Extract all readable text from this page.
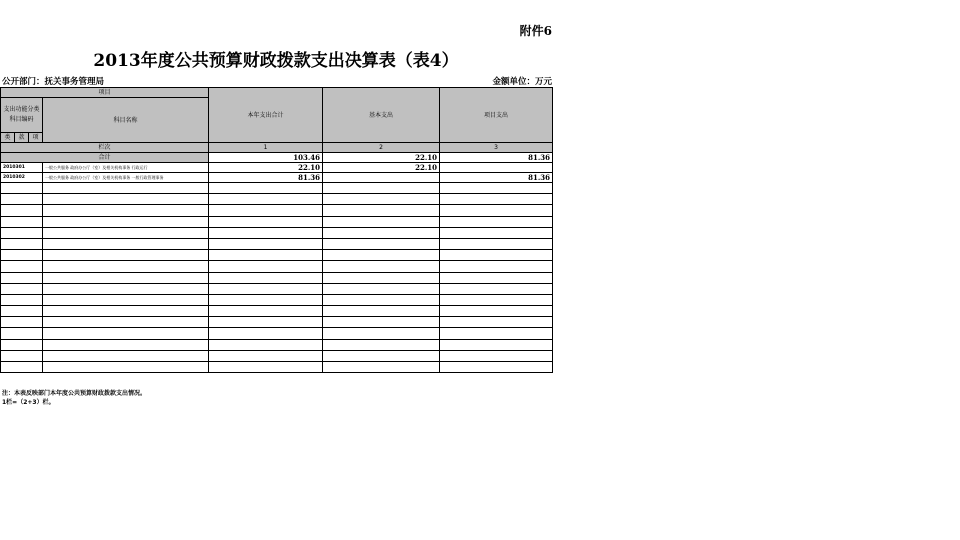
附件6
2013年度公共预算财政拨款支出决算表（表4）
公开部门：抚关事务管理局	金额单位：万元
项目				本年支出合计	基本支出	项目支出
支出功能分类科目编码			科目名称			
类	款	项				
栏次				1	2	3
合计				103.46	22.10	81.36
2010301			一般公共服务 政府办公厅（室）及相关机构事务 行政运行	22.10	22.10	
2010302			一般公共服务 政府办公厅（室）及相关机构事务 一般行政管理事务	81.36		81.36

注：本表反映部门本年度公共预算财政拨款支出情况。
1栏=（2+3）栏。
